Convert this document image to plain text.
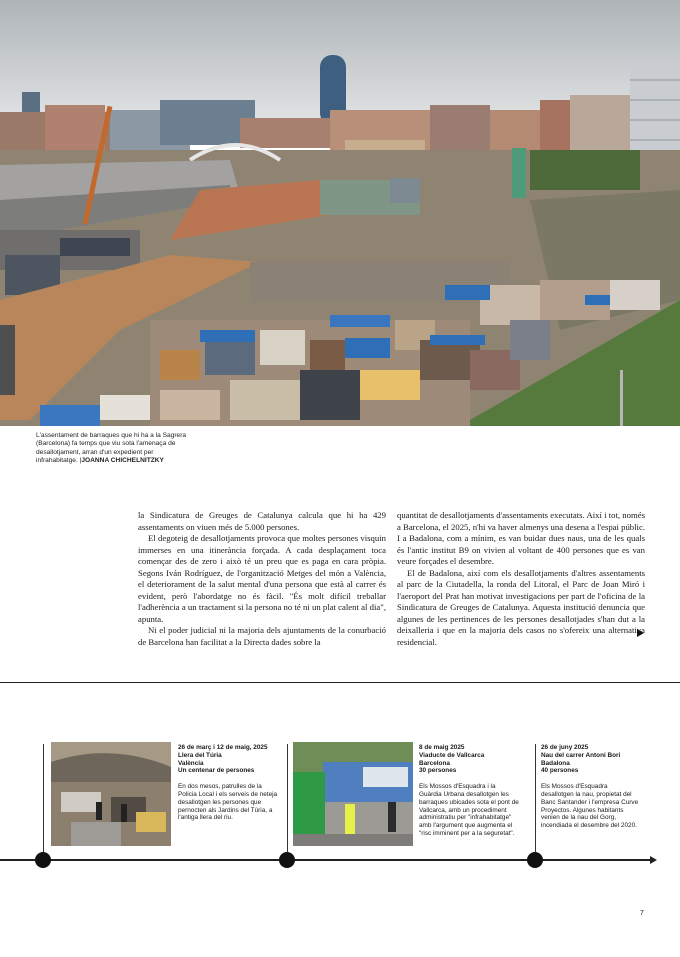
L'assentament de barraques que hi ha a la Sagrera (Barcelona) fa temps que viu sota l'amenaça de desallotjament, arran d'un expedient per infrahabitatge. |JOANNA CHICHELNITZKY

la Sindicatura de Greuges de Catalunya calcula que hi ha 429 assentaments on viuen més de 5.000 persones.

El degoteig de desallotjaments provoca que moltes persones visquin immerses en una itinerància forçada. A cada desplaçament toca començar des de zero i això té un preu que es paga en cara pròpia. Segons Iván Rodríguez, de l'organització Metges del món a València, el deteriorament de la salut mental d'una persona que està al carrer és evident, però l'abordatge no és fàcil. "És molt difícil treballar l'adherència a un tractament si la persona no té ni un plat calent al dia", apunta.

Ni el poder judicial ni la majoria dels ajuntaments de la conurbació de Barcelona han facilitat a la Directa dades sobre la

quantitat de desallotjaments d'assentaments executats. Així i tot, només a Barcelona, el 2025, n'hi va haver almenys una desena a l'espai públic. I a Badalona, com a mínim, es van buidar dues naus, una de les quals és l'antic institut B9 on vivien al voltant de 400 persones que es van veure forçades el desembre.

El de Badalona, així com els desallotjaments d'altres assentaments al parc de la Ciutadella, la ronda del Litoral, el Parc de Joan Miró i l'aeroport del Prat han motivat investigacions per part de l'oficina de la Sindicatura de Greuges de Catalunya. Aquesta institució denuncia que algunes de les pertinences de les persones desallotjades s'han dut a la deixalleria i que en la majoria dels casos no s'ofereix una alternativa residencial.

26 de març i 12 de maig, 2025
Llera del Túria
València
Un centenar de persones
En dos mesos, patrulles de la Policia Local i els serveis de neteja desallotgen les persones que pernocten als Jardins del Túria, a l'antiga llera del riu.
8 de maig 2025
Viaducte de Vallcarca
Barcelona
30 persones
Els Mossos d'Esquadra i la Guàrdia Urbana desallotgen les barraques ubicades sota el pont de Vallcarca, amb un procediment administratiu per "infrahabitatge" amb l'argument que augmenta el "risc imminent per a la seguretat".
26 de juny 2025
Nau del carrer Antoni Bori
Badalona
40 persones
Els Mossos d'Esquadra desallotgen la nau, propietat del Banc Santander i l'empresa Curve Proyectos. Algunes habitants venien de la nau del Gorg, incendiada el desembre del 2020.
7
